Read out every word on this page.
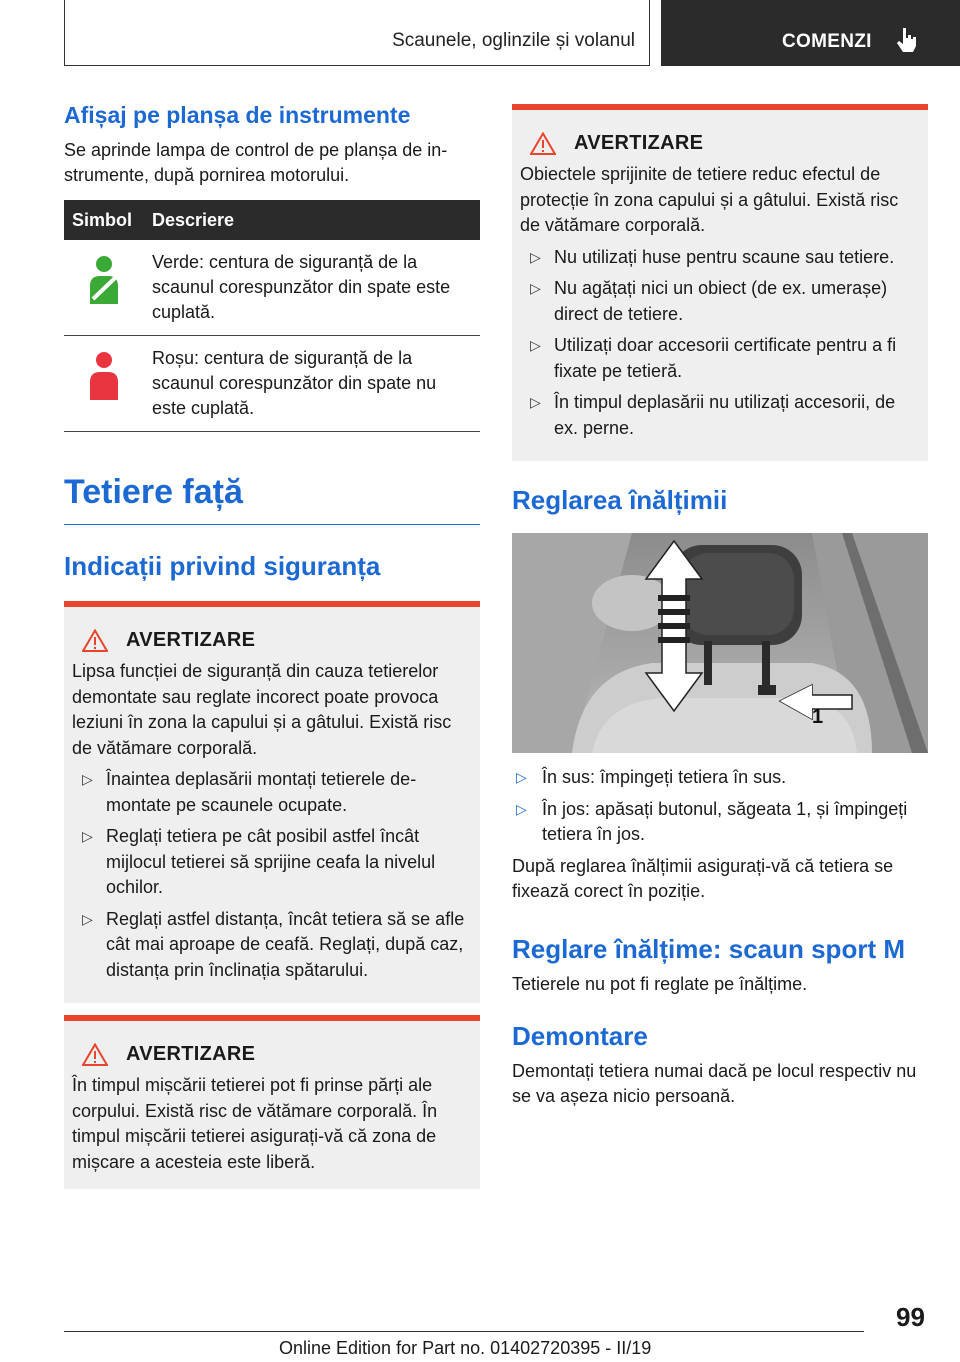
Scaunele, oglinzile și volanul	COMENZI
Afișaj pe planșa de instrumente
Se aprinde lampa de control de pe planșa de instrumente, după pornirea motorului.
Simbol	Descriere

	Verde: centura de siguranță de la scaunul corespunzător din spate este cuplată.

	Roșu: centura de siguranță de la scaunul corespunzător din spate nu este cuplată.
Tetiere față
Indicații privind siguranța
AVERTIZARE
Lipsa funcției de siguranță din cauza tetierelor demontate sau reglate incorect poate provoca leziuni în zona la capului și a gâtului. Există risc de vătămare corporală.
▷ Înaintea deplasării montați tetierele demontate pe scaunele ocupate.
▷ Reglați tetiera pe cât posibil astfel încât mijlocul tetierei să sprijine ceafa la nivelul ochilor.
▷ Reglați astfel distanța, încât tetiera să se afle cât mai aproape de ceafă. Reglați, după caz, distanța prin înclinația spătarului.
AVERTIZARE
În timpul mișcării tetierei pot fi prinse părți ale corpului. Există risc de vătămare corporală. În timpul mișcării tetierei asigurați-vă că zona de mișcare a acesteia este liberă.
AVERTIZARE
Obiectele sprijinite de tetiere reduc efectul de protecție în zona capului și a gâtului. Există risc de vătămare corporală.
▷ Nu utilizați huse pentru scaune sau tetiere.
▷ Nu agățați nici un obiect (de ex. umerașe) direct de tetiere.
▷ Utilizați doar accesorii certificate pentru a fi fixate pe tetieră.
▷ În timpul deplasării nu utilizați accesorii, de ex. perne.
Reglarea înălțimii
1
▷ În sus: împingeți tetiera în sus.
▷ În jos: apăsați butonul, săgeata 1, și împingeți tetiera în jos.
După reglarea înălțimii asigurați-vă că tetiera se fixează corect în poziție.
Reglare înălțime: scaun sport M
Tetierele nu pot fi reglate pe înălțime.
Demontare
Demontați tetiera numai dacă pe locul respectiv nu se va așeza nicio persoană.
99
Online Edition for Part no. 01402720395 - II/19
